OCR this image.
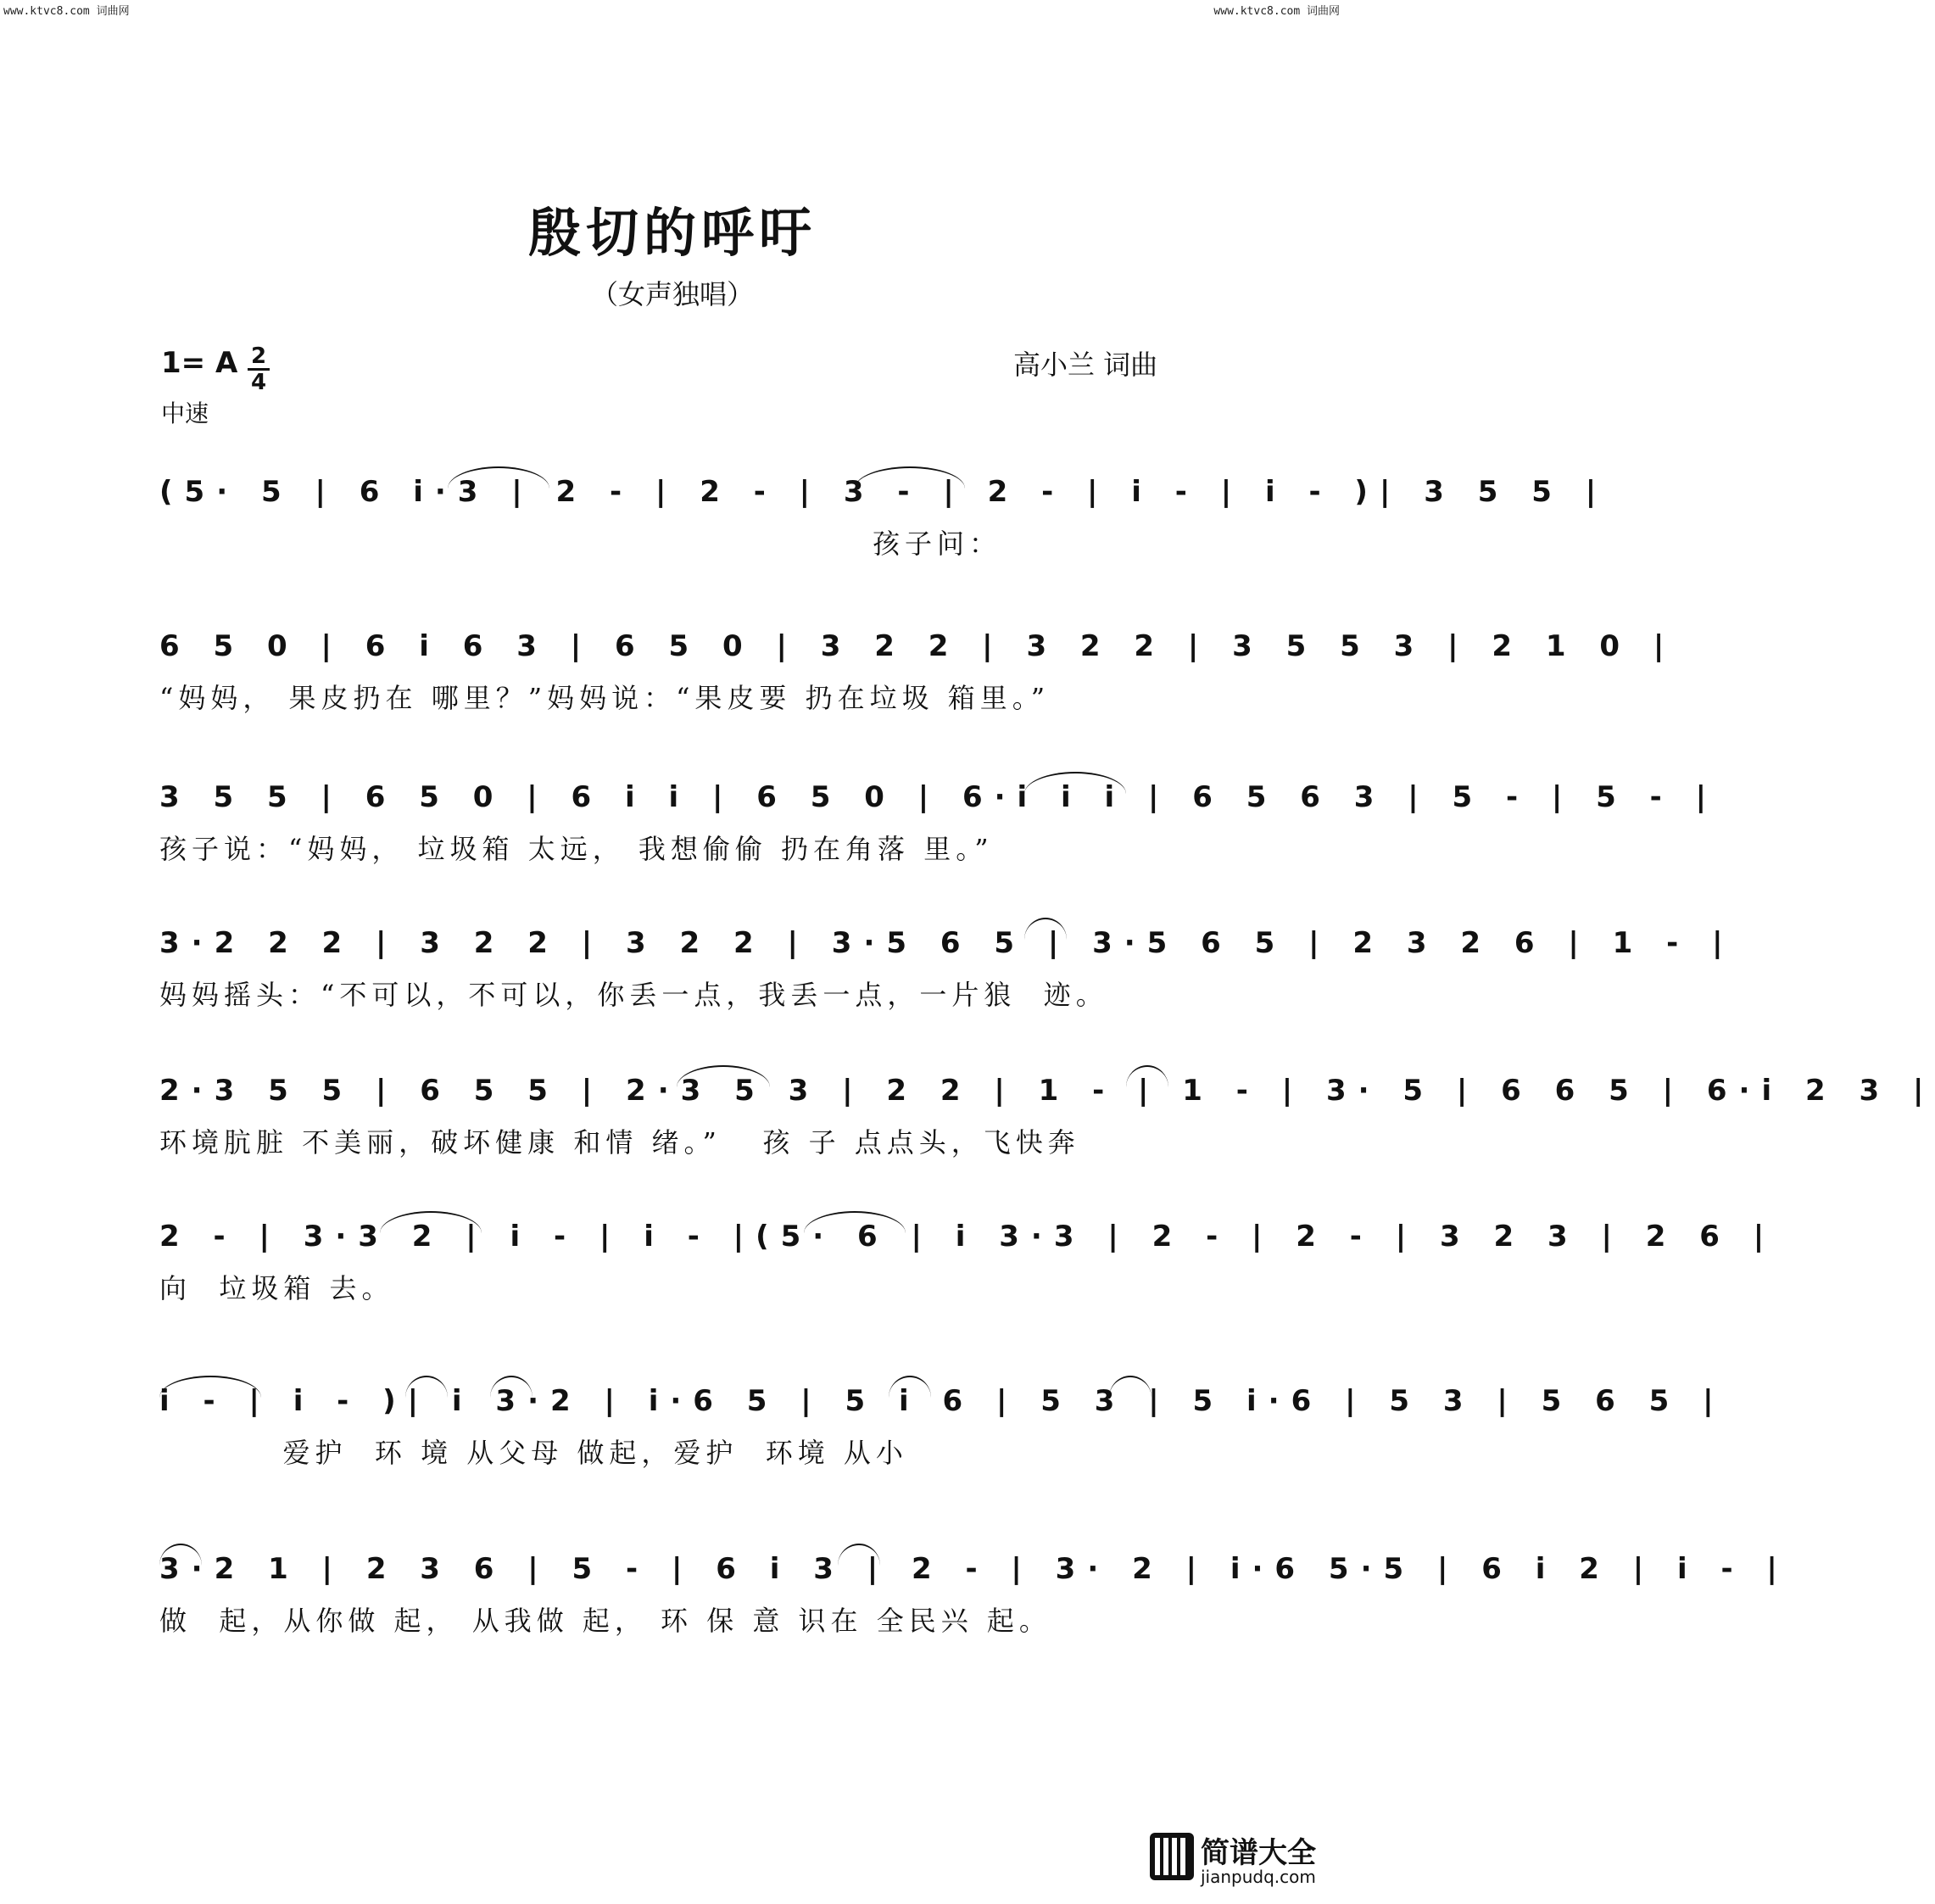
www.ktvc8.com 词曲网	www.ktvc8.com 词曲网
殷切的呼吁
（女声独唱）
1= A 2
4
中速
高小兰 词曲
(5· 5 | 6 i·3 | 2 - | 2 - | 3 - | 2 - | i - | i - )| 3 5 5 |
孩子问：
6 5 0 | 6 i 6 3 | 6 5 0 | 3 2 2 | 3 2 2 | 3 5 5 3 | 2 1 0 |
“妈妈， 果皮扔在 哪里？”妈妈说：“果皮要 扔在垃圾 箱里。”
3 5 5 | 6 5 0 | 6 i i | 6 5 0 | 6·i i i | 6 5 6 3 | 5 - | 5 - |
孩子说：“妈妈， 垃圾箱 太远， 我想偷偷 扔在角落 里。”
3·2 2 2 | 3 2 2 | 3 2 2 | 3·5 6 5 | 3·5 6 5 | 2 3 2 6 | 1 - |
妈妈摇头：“不可以，不可以，你丢一点，我丢一点，一片狼  迹。
2·3 5 5 | 6 5 5 | 2·3 5 3 | 2 2 | 1 - | 1 - | 3· 5 | 6 6 5 | 6·i 2 3 |
环境肮脏 不美丽，破坏健康 和情 绪。”   孩 子 点点头，飞快奔
2 - | 3·3 2 | i - | i - |(5· 6 | i 3·3 | 2 - | 2 - | 3 2 3 | 2 6 |
向  垃圾箱 去。
i - | i - )| i 3·2 | i·6 5 | 5 i 6 | 5 3 | 5 i·6 | 5 3 | 5 6 5 |
爱护  环 境 从父母 做起，爱护  环境 从小
3·2 1 | 2 3 6 | 5 - | 6 i 3 | 2 - | 3· 2 | i·6 5·5 | 6 i 2 | i - |
做  起，从你做 起， 从我做 起， 环 保 意 识在 全民兴 起。
简谱大全
jianpudq.com
